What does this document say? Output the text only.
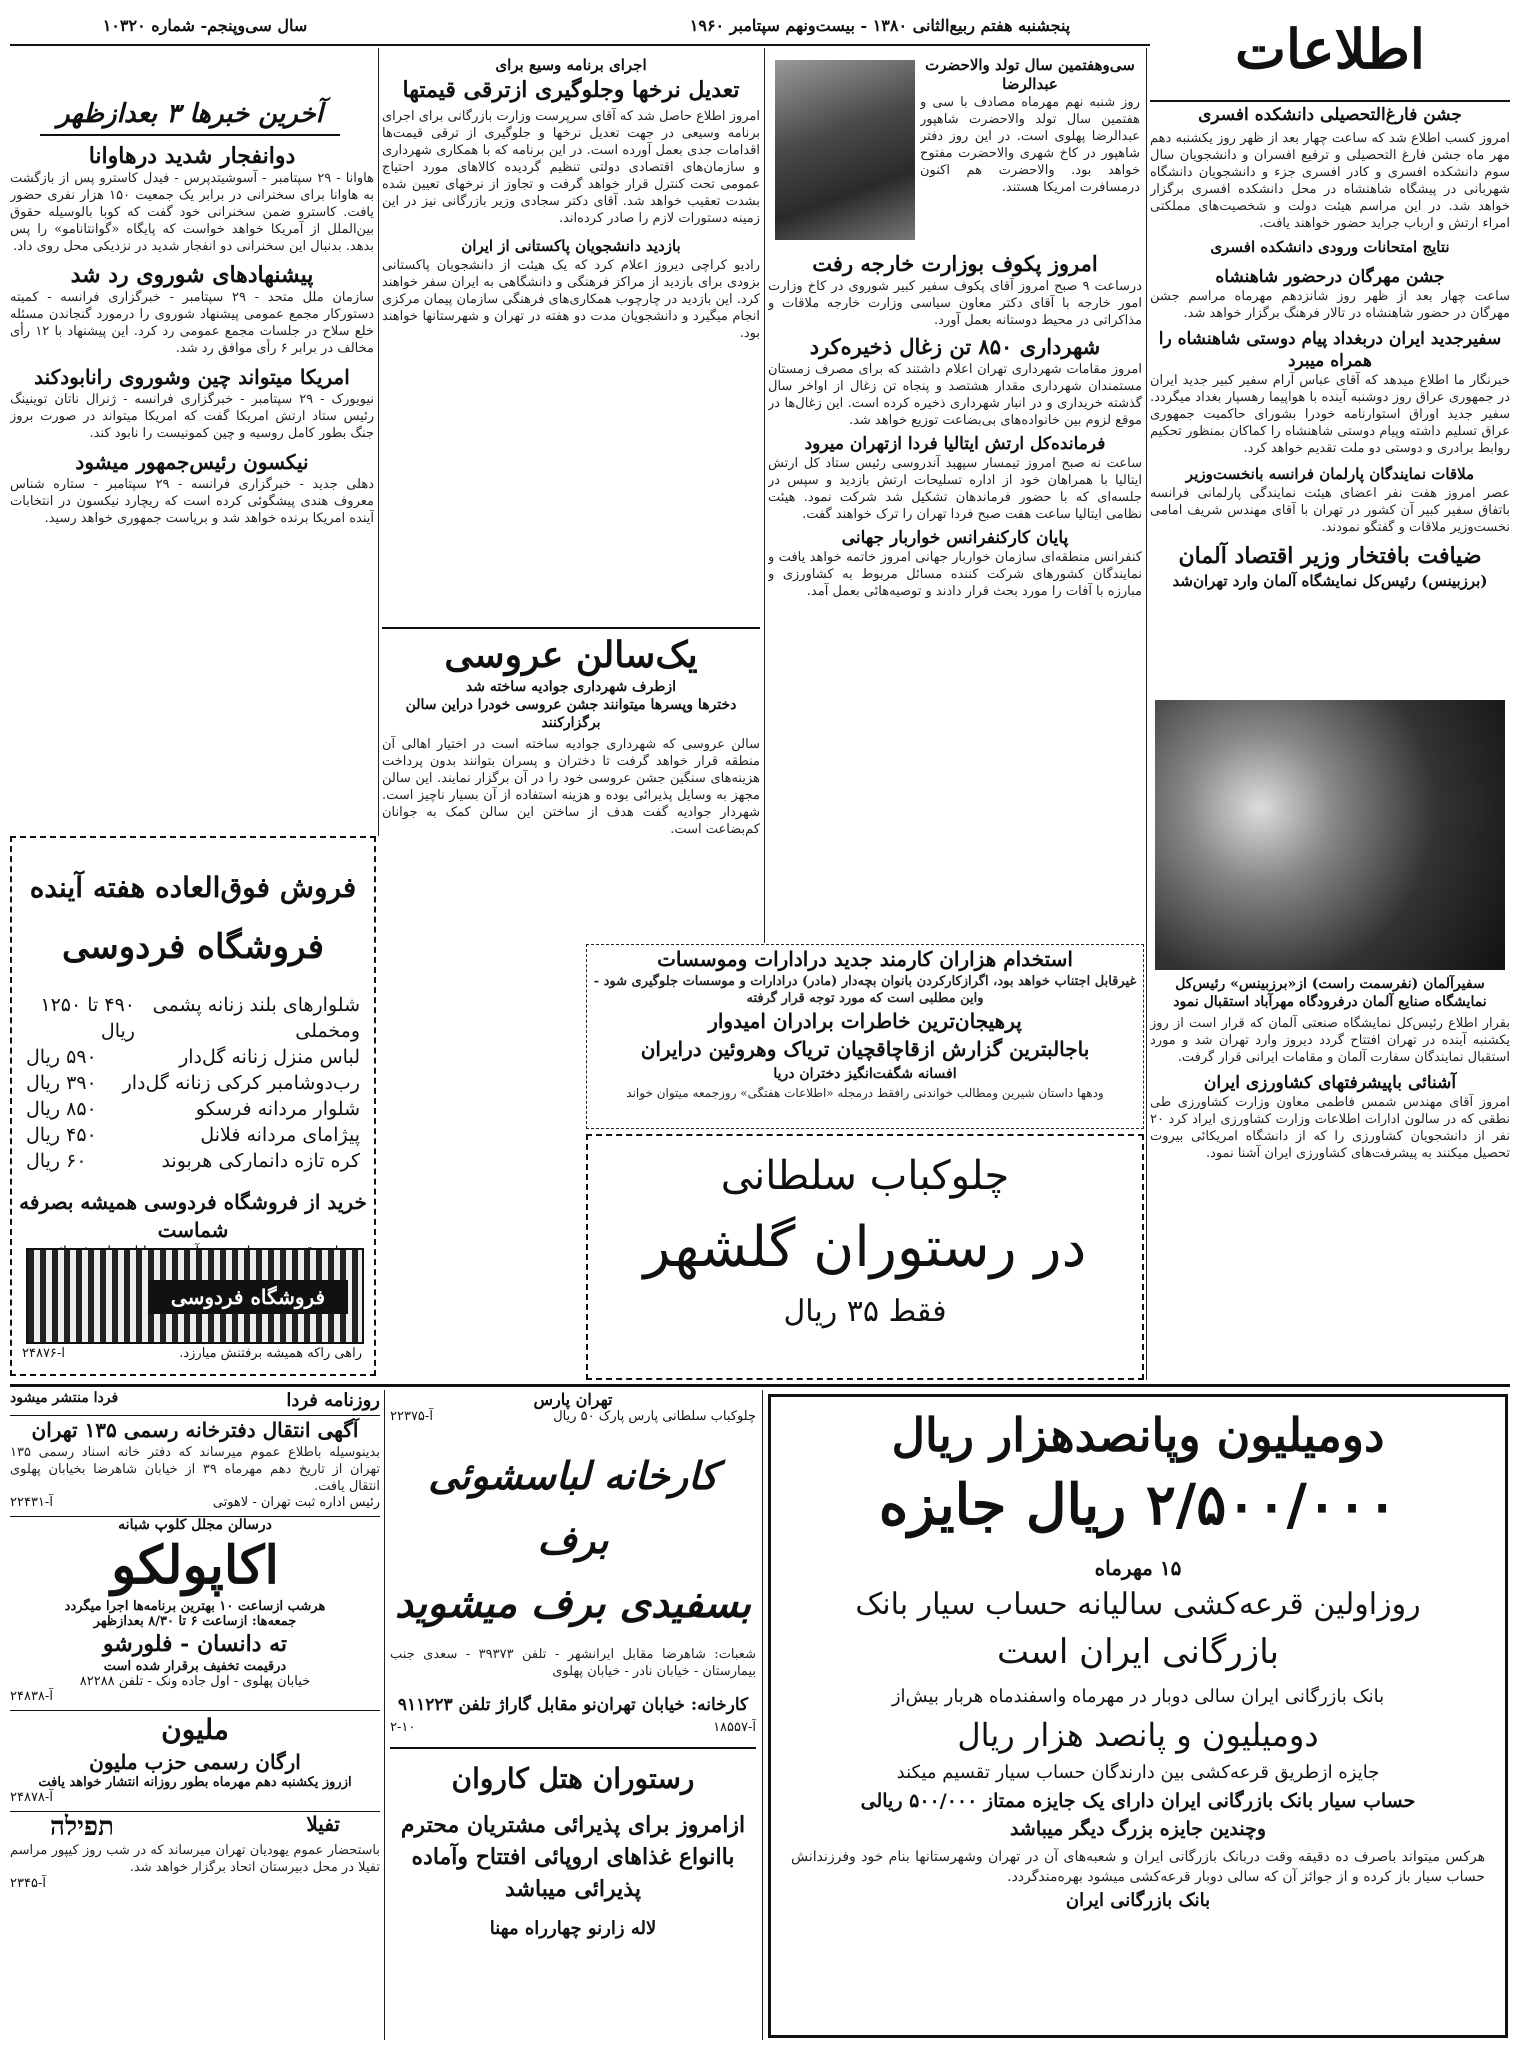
اطلاعات
پنجشنبه هفتم ربیع‌الثانی ۱۳۸۰ - بیست‌ونهم سپتامبر ۱۹۶۰
سال سی‌وپنجم- شماره ۱۰۳۲۰
جشن فارغ‌التحصیلی دانشکده افسری
امروز کسب اطلاع شد که ساعت چهار بعد از ظهر روز یکشنبه دهم مهر ماه جشن فارغ التحصیلی و ترفیع افسران و دانشجویان سال سوم دانشکده افسری و کادر افسری جزء و دانشجویان دانشگاه شهربانی در پیشگاه شاهنشاه در محل دانشکده افسری برگزار خواهد شد. در این مراسم هیئت دولت و شخصیت‌های مملکتی امراء ارتش و ارباب جراید حضور خواهند یافت.
نتایج امتحانات ورودی دانشکده افسری
جشن مهرگان درحضور شاهنشاه
ساعت چهار بعد از ظهر روز شانزدهم مهرماه مراسم جشن مهرگان در حضور شاهنشاه در تالار فرهنگ برگزار خواهد شد.
سفیرجدید ایران دربغداد پیام دوستی شاهنشاه را همراه میبرد
خبرنگار ما اطلاع میدهد که آقای عباس آرام سفیر کبیر جدید ایران در جمهوری عراق روز دوشنبه آینده با هواپیما رهسپار بغداد میگردد. سفیر جدید اوراق استوارنامه خودرا بشورای حاکمیت جمهوری عراق تسلیم داشته وپیام دوستی شاهنشاه را کماکان بمنظور تحکیم روابط برادری و دوستی دو ملت تقدیم خواهد کرد.
ملاقات نمایندگان پارلمان فرانسه بانخست‌وزیر
عصر امروز هفت نفر اعضای هیئت نمایندگی پارلمانی فرانسه باتفاق سفیر کبیر آن کشور در تهران با آقای مهندس شریف امامی نخست‌وزیر ملاقات و گفتگو نمودند.
ضیافت بافتخار وزیر اقتصاد آلمان
(برزبینس) رئیس‌کل نمایشگاه آلمان وارد تهران‌شد
سفیرآلمان (نفرسمت راست) از«برزبینس» رئیس‌کل نمایشگاه صنایع آلمان درفرودگاه مهرآباد استقبال نمود
بقرار اطلاع رئیس‌کل نمایشگاه صنعتی آلمان که قرار است از روز یکشنبه آینده در تهران افتتاح گردد دیروز وارد تهران شد و مورد استقبال نمایندگان سفارت آلمان و مقامات ایرانی قرار گرفت.
آشنائی باپیشرفتهای کشاورزی ایران
امروز آقای مهندس شمس فاطمی معاون وزارت کشاورزی طی نطقی که در سالون ادارات اطلاعات وزارت کشاورزی ایراد کرد ۲۰ نفر از دانشجویان کشاورزی را که از دانشگاه امریکائی بیروت تحصیل میکنند به پیشرفت‌های کشاورزی ایران آشنا نمود.
سی‌وهفتمین سال تولد والاحضرت عبدالرضا
روز شنبه نهم مهرماه مصادف با سی و هفتمین سال تولد والاحضرت شاهپور عبدالرضا پهلوی است. در این روز دفتر شاهپور در کاخ شهری والاحضرت مفتوح خواهد بود. والاحضرت هم اکنون درمسافرت امریکا هستند.
امروز پکوف بوزارت خارجه رفت
درساعت ۹ صبح امروز آقای پکوف سفیر کبیر شوروی در کاخ وزارت امور خارجه با آقای دکتر معاون سیاسی وزارت خارجه ملاقات و مذاکراتی در محیط دوستانه بعمل آورد.
شهرداری ۸۵۰ تن زغال ذخیره‌کرد
امروز مقامات شهرداری تهران اعلام داشتند که برای مصرف زمستان مستمندان شهرداری مقدار هشتصد و پنجاه تن زغال از اواخر سال گذشته خریداری و در انبار شهرداری ذخیره کرده است. این زغال‌ها در موقع لزوم بین خانواده‌های بی‌بضاعت توزیع خواهد شد.
فرمانده‌کل ارتش ایتالیا فردا ازتهران میرود
ساعت نه صبح امروز تیمسار سپهبد آندروسی رئیس ستاد کل ارتش ایتالیا با همراهان خود از اداره تسلیحات ارتش بازدید و سپس در جلسه‌ای که با حضور فرماندهان تشکیل شد شرکت نمود. هیئت نظامی ایتالیا ساعت هفت صبح فردا تهران را ترک خواهند گفت.
پایان کارکنفرانس خواربار جهانی
کنفرانس منطقه‌ای سازمان خواربار جهانی امروز خاتمه خواهد یافت و نمایندگان کشورهای شرکت کننده مسائل مربوط به کشاورزی و مبارزه با آفات را مورد بحث قرار دادند و توصیه‌هائی بعمل آمد.
اجرای برنامه وسیع برای
تعدیل نرخها وجلوگیری ازترقی قیمتها
امروز اطلاع حاصل شد که آقای سرپرست وزارت بازرگانی برای اجرای برنامه وسیعی در جهت تعدیل نرخها و جلوگیری از ترقی قیمت‌ها اقدامات جدی بعمل آورده است. در این برنامه که با همکاری شهرداری و سازمان‌های اقتصادی دولتی تنظیم گردیده کالاهای مورد احتیاج عمومی تحت کنترل قرار خواهد گرفت و تجاوز از نرخهای تعیین شده بشدت تعقیب خواهد شد. آقای دکتر سجادی وزیر بازرگانی نیز در این زمینه دستورات لازم را صادر کرده‌اند.
بازدید دانشجویان پاکستانی از ایران
رادیو کراچی دیروز اعلام کرد که یک هیئت از دانشجویان پاکستانی بزودی برای بازدید از مراکز فرهنگی و دانشگاهی به ایران سفر خواهند کرد. این بازدید در چارچوب همکاری‌های فرهنگی سازمان پیمان مرکزی انجام میگیرد و دانشجویان مدت دو هفته در تهران و شهرستانها خواهند بود.
یک‌سالن عروسی
ازطرف شهرداری جوادیه ساخته شد
دخترها وپسرها میتوانند جشن عروسی خودرا دراین سالن برگزارکنند
سالن عروسی که شهرداری جوادیه ساخته است در اختیار اهالی آن منطقه قرار خواهد گرفت تا دختران و پسران بتوانند بدون پرداخت هزینه‌های سنگین جشن عروسی خود را در آن برگزار نمایند. این سالن مجهز به وسایل پذیرائی بوده و هزینه استفاده از آن بسیار ناچیز است. شهردار جوادیه گفت هدف از ساختن این سالن کمک به جوانان کم‌بضاعت است.
آخرین خبرها ۳ بعدازظهر
دوانفجار شدید درهاوانا
هاوانا - ۲۹ سپتامبر - آسوشیتدپرس - فیدل کاسترو پس از بازگشت به هاوانا برای سخنرانی در برابر یک جمعیت ۱۵۰ هزار نفری حضور یافت. کاسترو ضمن سخنرانی خود گفت که کوبا بالوسیله حقوق بین‌الملل از آمریکا خواهد خواست که پایگاه «گوانتانامو» را پس بدهد. بدنبال این سخنرانی دو انفجار شدید در نزدیکی محل روی داد.
پیشنهادهای شوروی رد شد
سازمان ملل متحد - ۲۹ سپتامبر - خبرگزاری فرانسه - کمیته دستورکار مجمع عمومی پیشنهاد شوروی را درمورد گنجاندن مسئله خلع سلاح در جلسات مجمع عمومی رد کرد. این پیشنهاد با ۱۲ رأی مخالف در برابر ۶ رأی موافق رد شد.
امریکا میتواند چین وشوروی رانابودکند
نیویورک - ۲۹ سپتامبر - خبرگزاری فرانسه - ژنرال ناتان توینینگ رئیس ستاد ارتش امریکا گفت که امریکا میتواند در صورت بروز جنگ بطور کامل روسیه و چین کمونیست را نابود کند.
نیکسون رئیس‌جمهور میشود
دهلی جدید - خبرگزاری فرانسه - ۲۹ سپتامبر - ستاره شناس معروف هندی پیشگوئی کرده است که ریچارد نیکسون در انتخابات آینده امریکا برنده خواهد شد و بریاست جمهوری خواهد رسید.
فروش فوق‌العاده هفته آینده
فروشگاه فردوسی
شلوارهای بلند زنانه پشمی ومخملی
۴۹۰ تا ۱۲۵۰ ریال
لباس منزل زنانه گل‌دار
۵۹۰ ریال
رب‌دوشامبر کرکی زنانه گل‌دار
۳۹۰ ریال
شلوار مردانه فرسکو
۸۵۰ ریال
پیژامای مردانه فلانل
۴۵۰ ریال
کره تازه دانمارکی هربوند
۶۰ ریال
خرید از فروشگاه فردوسی همیشه بصرفه شماست
فروشگاه فردوسی
راهی راکه همیشه برفتنش میارزد.
آ-۲۴۸۷۶
استخدام هزاران کارمند جدید درادارات وموسسات
غیرقابل اجتناب خواهد بود، اگرازکارکردن بانوان بچه‌دار (مادر) درادارات و موسسات جلوگیری شود - واین مطلبی است که مورد توجه قرار گرفته
پرهیجان‌ترین خاطرات برادران امیدوار
باجالبترین گزارش ازقاچاقچیان تریاک وهروئین درایران
افسانه شگفت‌انگیز دختران دریا
ودهها داستان شیرین ومطالب خواندنی رافقط درمجله «اطلاعات هفتگی» روزجمعه میتوان خواند
چلوکباب سلطانی
در رستوران گلشهر
فقط ۳۵ ریال
روزنامه فردا
فردا منتشر میشود
آگهی انتقال دفترخانه رسمی ۱۳۵ تهران
بدینوسیله باطلاع عموم میرساند که دفتر خانه اسناد رسمی ۱۳۵ تهران از تاریخ دهم مهرماه ۳۹ از خیابان شاهرضا بخیابان پهلوی انتقال یافت.
رئیس اداره ثبت تهران - لاهوتی
آ-۲۲۴۳۱
درسالن مجلل کلوپ شبانه
اکاپولکو
هرشب ازساعت ۱۰ بهترین برنامه‌ها اجرا میگردد
جمعه‌ها: ازساعت ۶ تا ۸/۳۰ بعدازظهر
ته دانسان - فلورشو
درقیمت تخفیف برقرار شده است
خیابان پهلوی - اول جاده ونک - تلفن ۸۲۲۸۸
آ-۲۴۸۳۸
مليون
ارگان رسمی حزب مليون
ازروز یکشنبه دهم مهرماه بطور روزانه انتشار خواهد یافت
آ-۲۴۸۷۸
تفیلا
תפילה
باستحضار عموم یهودیان تهران میرساند که در شب روز کیپور مراسم تفیلا در محل دبیرستان اتحاد برگزار خواهد شد.
آ-۲۳۴۵
تهران پارس
چلوکباب سلطانی پارس پارک ۵۰ ریال
آ-۲۲۳۷۵
کارخانه لباسشوئی برف
بسفیدی برف میشوید
شعبات: شاهرضا مقابل ایرانشهر - تلفن ۳۹۳۷۳ - سعدی جنب بیمارستان - خیابان نادر - خیابان پهلوی
کارخانه: خیابان تهران‌نو مقابل گاراژ تلفن ۹۱۱۲۲۳
آ-۱۸۵۵۷
۲-۱۰
رستوران هتل کاروان
ازامروز برای پذیرائی مشتریان محترم باانواع غذاهای اروپائی افتتاح وآماده پذیرائی میباشد
لاله زارنو چهارراه مهنا
دومیلیون وپانصدهزار ریال
۲/۵۰۰/۰۰۰ ریال جایزه
۱۵ مهرماه
روزاولین قرعه‌کشی سالیانه حساب سیار بانک
بازرگانی ایران است
بانک بازرگانی ایران سالی دوبار در مهرماه واسفندماه هربار بیش‌از
دومیلیون و پانصد هزار ریال
جایزه ازطریق قرعه‌کشی بین دارندگان حساب سیار تقسیم میکند
حساب سیار بانک بازرگانی ایران دارای یک جایزه ممتاز ۵۰۰/۰۰۰ ریالی
وچندین جایزه بزرگ دیگر میباشد
هرکس میتواند باصرف ده دقیقه وقت دربانک بازرگانی ایران و شعبه‌های آن در تهران وشهرستانها بنام خود وفرزندانش حساب سیار باز کرده و از جوائز آن که سالی دوبار قرعه‌کشی میشود بهره‌مندگردد.
بانک بازرگانی ایران
